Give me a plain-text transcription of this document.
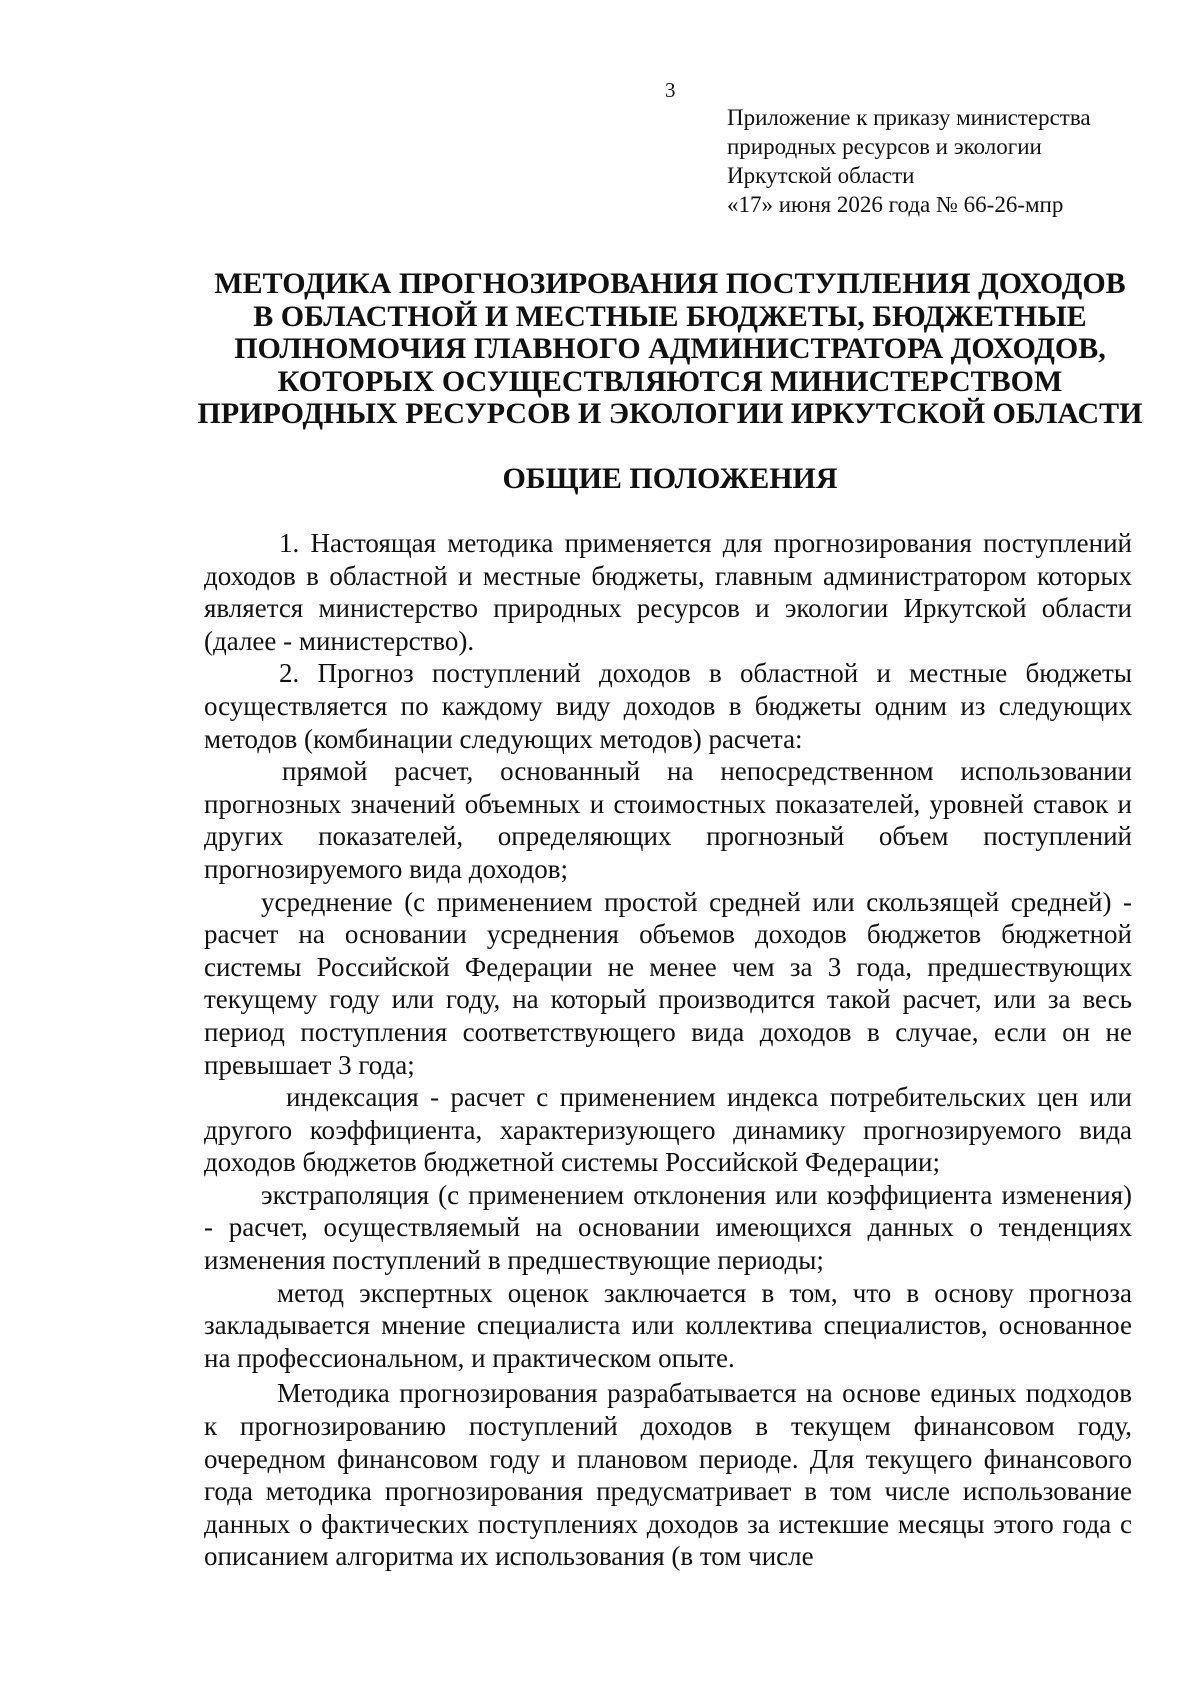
3
Приложение к приказу министерства
природных ресурсов и экологии
Иркутской области
«17» июня 2026 года № 66-26-мпр
МЕТОДИКА ПРОГНОЗИРОВАНИЯ ПОСТУПЛЕНИЯ ДОХОДОВ
В ОБЛАСТНОЙ И МЕСТНЫЕ БЮДЖЕТЫ, БЮДЖЕТНЫЕ
ПОЛНОМОЧИЯ ГЛАВНОГО АДМИНИСТРАТОРА ДОХОДОВ,
КОТОРЫХ ОСУЩЕСТВЛЯЮТСЯ МИНИСТЕРСТВОМ
ПРИРОДНЫХ РЕСУРСОВ И ЭКОЛОГИИ ИРКУТСКОЙ ОБЛАСТИ
ОБЩИЕ ПОЛОЖЕНИЯ

1. Настоящая методика применяется для прогнозирования поступлений доходов в областной и местные бюджеты, главным администратором которых является министерство природных ресурсов и экологии Иркутской области (далее - министерство).

2. Прогноз поступлений доходов в областной и местные бюджеты осуществляется по каждому виду доходов в бюджеты одним из следующих методов (комбинации следующих методов) расчета:

прямой расчет, основанный на непосредственном использовании прогнозных значений объемных и стоимостных показателей, уровней ставок и других показателей, определяющих прогнозный объем поступлений прогнозируемого вида доходов;

усреднение (с применением простой средней или скользящей средней) - расчет на основании усреднения объемов доходов бюджетов бюджетной системы Российской Федерации не менее чем за 3 года, предшествующих текущему году или году, на который производится такой расчет, или за весь период поступления соответствующего вида доходов в случае, если он не превышает 3 года;

индексация - расчет с применением индекса потребительских цен или другого коэффициента, характеризующего динамику прогнозируемого вида доходов бюджетов бюджетной системы Российской Федерации;

экстраполяция (с применением отклонения или коэффициента изменения) - расчет, осуществляемый на основании имеющихся данных о тенденциях изменения поступлений в предшествующие периоды;

метод экспертных оценок заключается в том, что в основу прогноза закладывается мнение специалиста или коллектива специалистов, основанное на профессиональном, и практическом опыте.

Методика прогнозирования разрабатывается на основе единых подходов к прогнозированию поступлений доходов в текущем финансовом году, очередном финансовом году и плановом периоде. Для текущего финансового года методика прогнозирования предусматривает в том числе использование данных о фактических поступлениях доходов за истекшие месяцы этого года с описанием алгоритма их использования (в том числе
